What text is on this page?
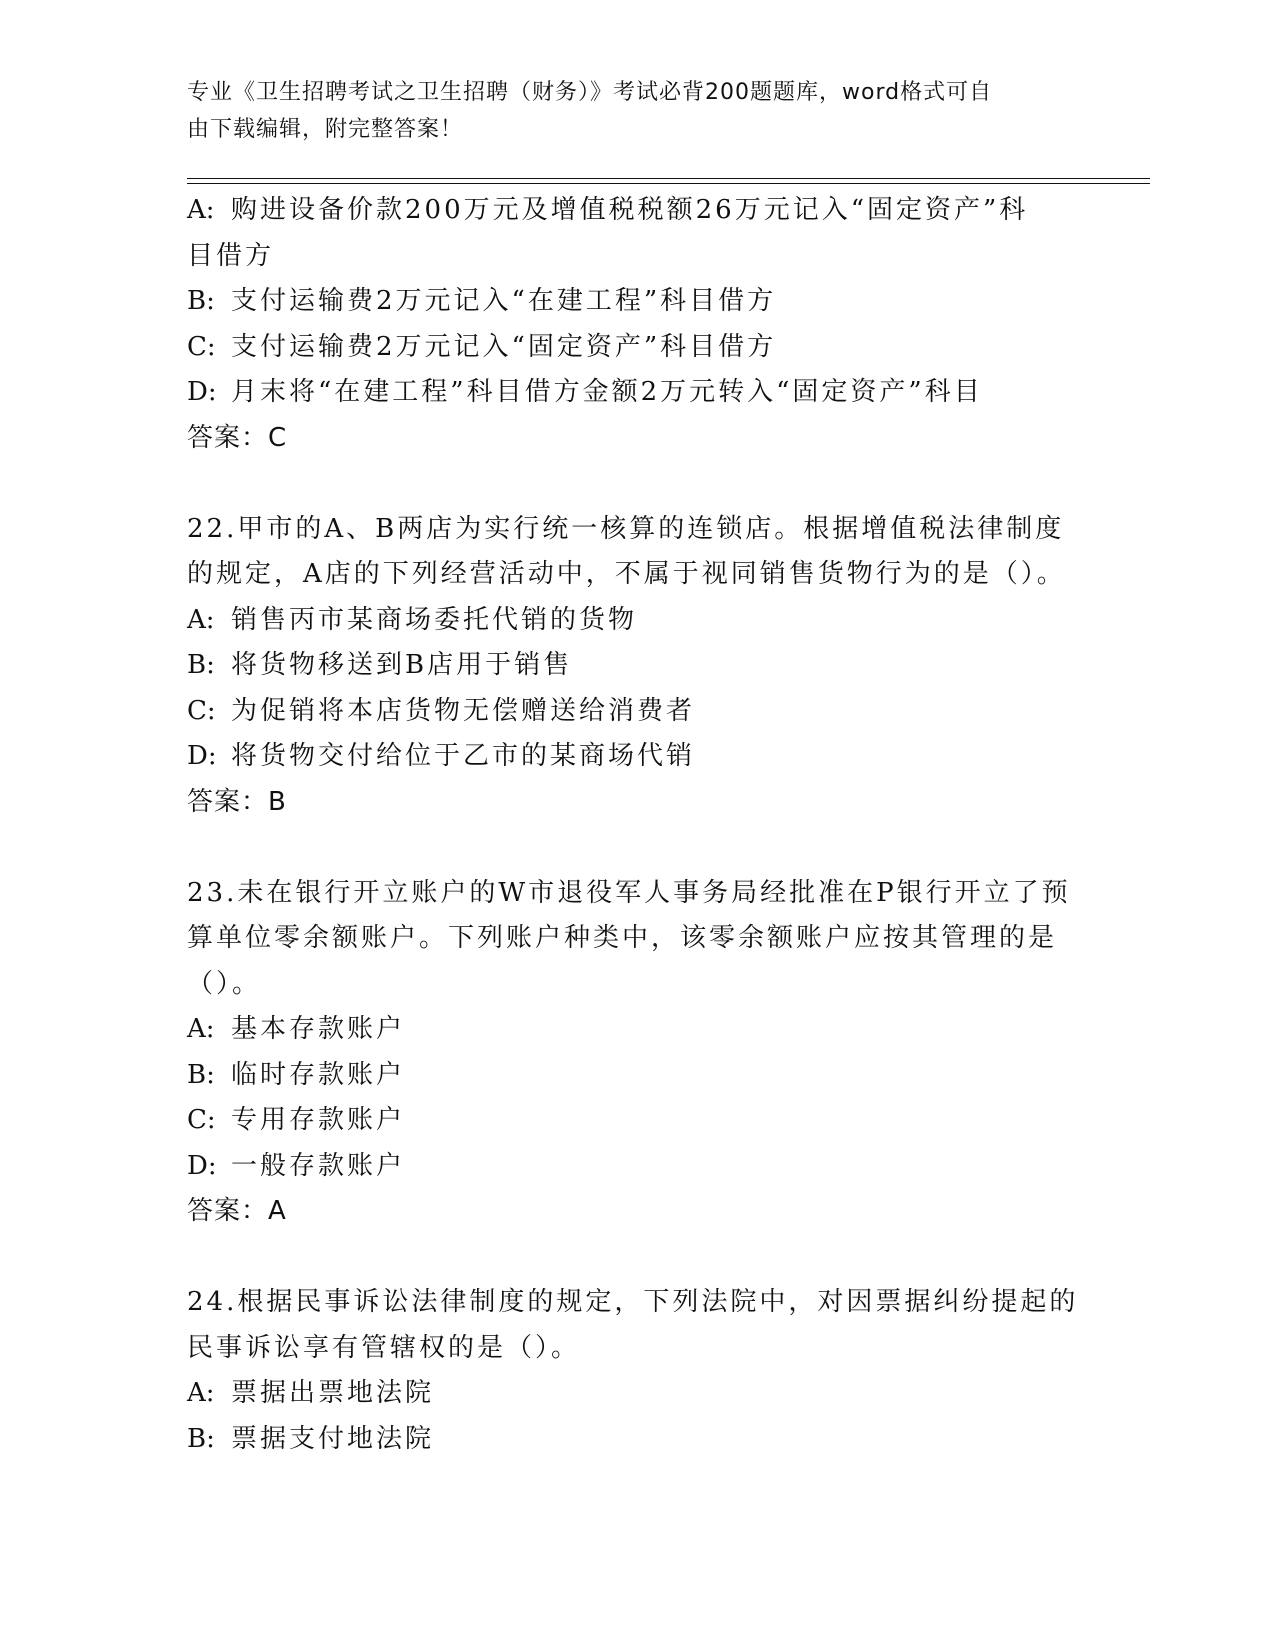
专业《卫生招聘考试之卫生招聘（财务）》考试必背200题题库，word格式可自
由下载编辑，附完整答案！
A: 购进设备价款200万元及增值税税额26万元记入“固定资产”科
目借方
B: 支付运输费2万元记入“在建工程”科目借方
C: 支付运输费2万元记入“固定资产”科目借方
D: 月末将“在建工程”科目借方金额2万元转入“固定资产”科目
答案：C
22.甲市的A、B两店为实行统一核算的连锁店。根据增值税法律制度
的规定，A店的下列经营活动中，不属于视同销售货物行为的是（）。
A: 销售丙市某商场委托代销的货物
B: 将货物移送到B店用于销售
C: 为促销将本店货物无偿赠送给消费者
D: 将货物交付给位于乙市的某商场代销
答案：B
23.未在银行开立账户的W市退役军人事务局经批准在P银行开立了预
算单位零余额账户。下列账户种类中，该零余额账户应按其管理的是
（）。
A: 基本存款账户
B: 临时存款账户
C: 专用存款账户
D: 一般存款账户
答案：A
24.根据民事诉讼法律制度的规定，下列法院中，对因票据纠纷提起的
民事诉讼享有管辖权的是（）。
A: 票据出票地法院
B: 票据支付地法院
